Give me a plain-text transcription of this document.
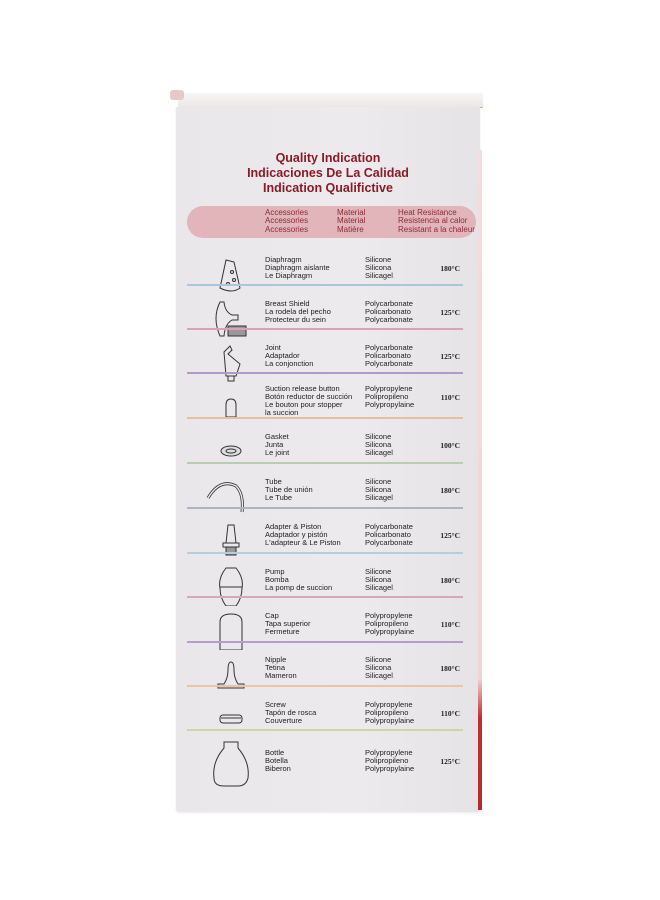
Quality Indication
Indicaciones De La Calidad
Indication Qualifictive
Accessories
Accessories
Accessories
Material
Material
Matière
Heat Resistance
Resistencia al calor
Resistant a la chaleur
Diaphragm
Diaphragm aislante
Le Diaphragm
Silicone
Silicona
Silicagel
180°C
Breast Shield
La rodela del pecho
Protecteur du sein
Polycarbonate
Policarbonato
Polycarbonate
125°C
Joint
Adaptador
La conjonction
Polycarbonate
Policarbonato
Polycarbonate
125°C
Suction release button
Botón reductor de succión
Le bouton pour stopper
la succion
Polypropylene
Polipropileno
Polypropylaine
110°C
Gasket
Junta
Le joint
Silicone
Silicona
Silicagel
100°C
Tube
Tube de unión
Le Tube
Silicone
Silicona
Silicagel
180°C
Adapter & Piston
Adaptador y pistón
L'adapteur & Le Piston
Polycarbonate
Policarbonato
Polycarbonate
125°C
Pump
Bomba
La pomp de succion
Silicone
Silicona
Silicagel
180°C
Cap
Tapa superior
Fermeture
Polypropylene
Polipropileno
Polypropylaine
110°C
Nipple
Tetina
Mameron
Silicone
Silicona
Silicagel
180°C
Screw
Tapón de rosca
Couverture
Polypropylene
Polipropileno
Polypropylaine
110°C
Bottle
Botella
Biberon
Polypropylene
Polipropileno
Polypropylaine
125°C
